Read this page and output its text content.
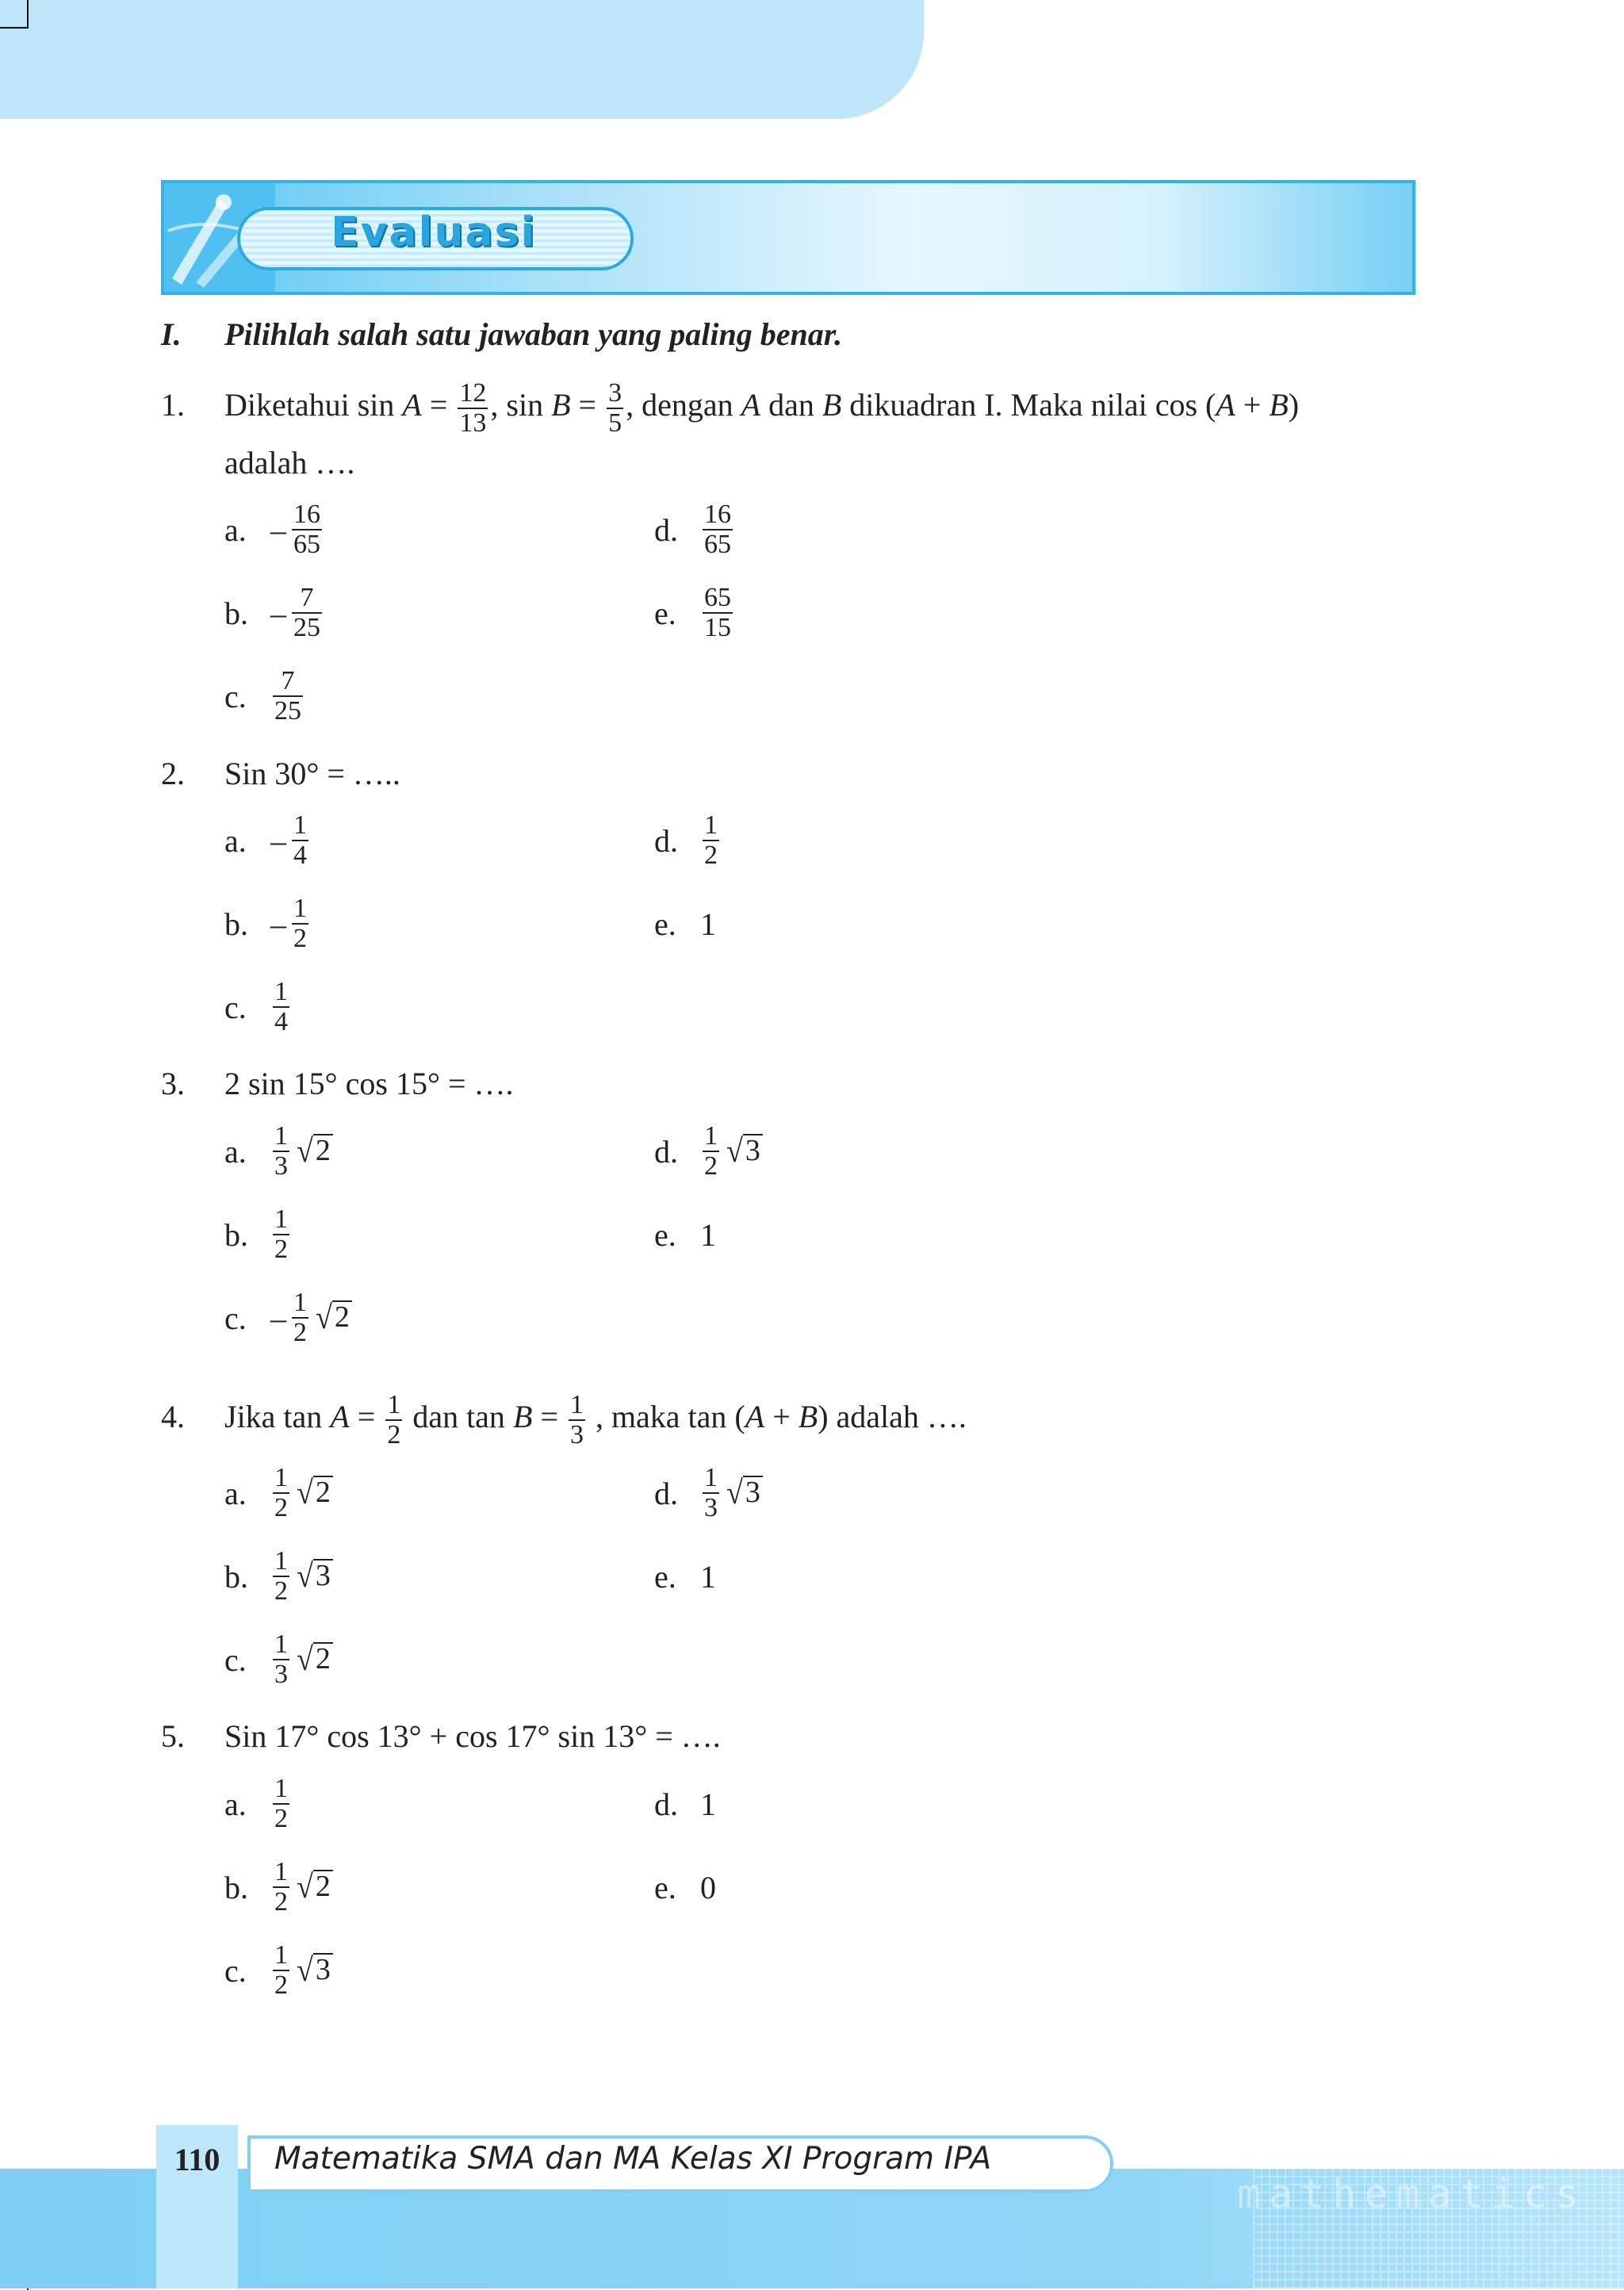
Evaluasi
I. Pilihlah salah satu jawaban yang paling benar.
1. Diketahui $\sin A = \frac{12}{13}$ , $\sin B = \frac{3}{5}$ , dengan A dan B dikuadran I. Maka nilai cos (A + B)
adalah ….
a. – $\frac{16}{65}$
b. – $\frac{7}{25}$
c. $\frac{7}{25}$
d. $\frac{16}{65}$
e. $\frac{65}{15}$
2. Sin 30° = …..
a. – $\frac{1}{4}$
b. – $\frac{1}{2}$
c. $\frac{1}{4}$
d. $\frac{1}{2}$
e. 1
3. 2 sin 15° cos 15° = ….
a. $\frac{1}{3}$ √ 2
b. $\frac{1}{2}$
c. – $\frac{1}{2}$ √ 2
d. $\frac{1}{2}$ √ 3
e. 1
4. Jika $\tan A = \frac{1}{2}$ dan $\tan B = \frac{1}{3}$ , maka tan (A + B) adalah ….
a. $\frac{1}{2}$ √ 2
b. $\frac{1}{2}$ √ 3
c. $\frac{1}{3}$ √ 2
d. $\frac{1}{3}$ √ 3
e. 1
5. Sin 17° cos 13° + cos 17° sin 13° = ….
a. $\frac{1}{2}$
b. $\frac{1}{2}$ √ 2
c. $\frac{1}{2}$ √ 3
d. 1
e. 0
mathematics
110	Matematika SMA dan MA Kelas XI Program IPA
